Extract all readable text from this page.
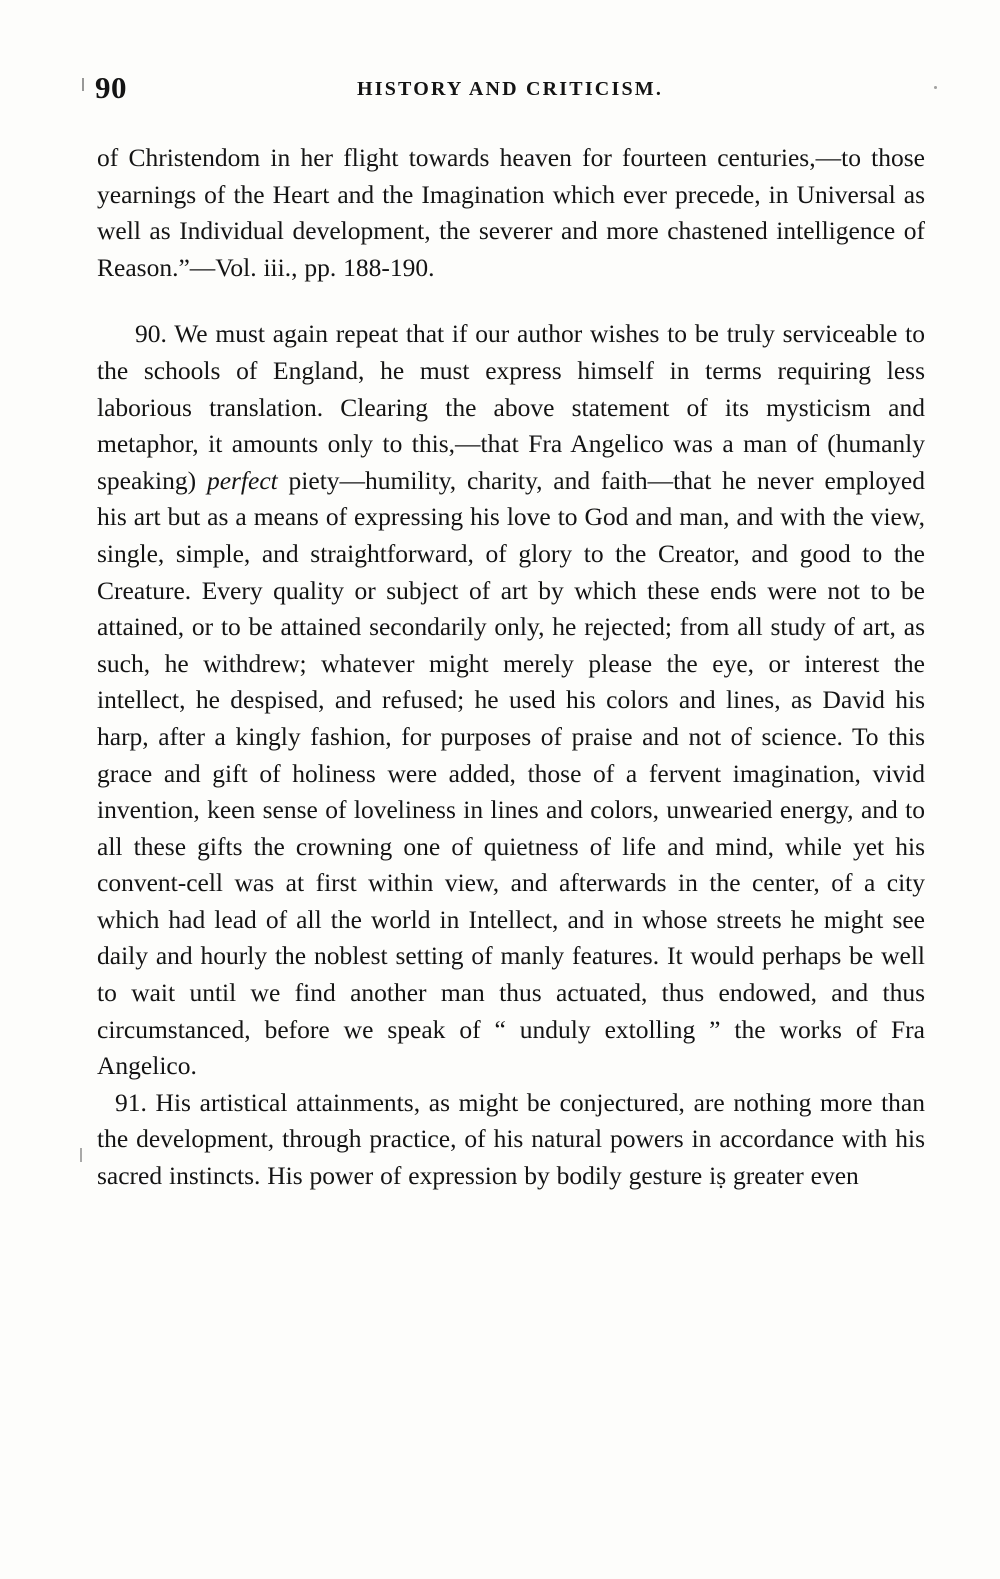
90	HISTORY AND CRITICISM.

of Christendom in her flight towards heaven for fourteen centuries,—to those yearnings of the Heart and the Imagination which ever precede, in Universal as well as Individual development, the severer and more chastened intelligence of Reason.”—Vol. iii., pp. 188-190.

90. We must again repeat that if our author wishes to be truly serviceable to the schools of England, he must express himself in terms requiring less laborious translation. Clearing the above statement of its mysticism and metaphor, it amounts only to this,—that Fra Angelico was a man of (humanly speaking) perfect piety—humility, charity, and faith—that he never employed his art but as a means of expressing his love to God and man, and with the view, single, simple, and straightforward, of glory to the Creator, and good to the Creature. Every quality or subject of art by which these ends were not to be attained, or to be attained secondarily only, he rejected; from all study of art, as such, he withdrew; whatever might merely please the eye, or interest the intellect, he despised, and refused; he used his colors and lines, as David his harp, after a kingly fashion, for purposes of praise and not of science. To this grace and gift of holiness were added, those of a fervent imagination, vivid invention, keen sense of loveliness in lines and colors, unwearied energy, and to all these gifts the crowning one of quietness of life and mind, while yet his convent-cell was at first within view, and afterwards in the center, of a city which had lead of all the world in Intellect, and in whose streets he might see daily and hourly the noblest setting of manly features. It would perhaps be well to wait until we find another man thus actuated, thus endowed, and thus circumstanced, before we speak of “ unduly extolling ” the works of Fra Angelico.

91. His artistical attainments, as might be conjectured, are nothing more than the development, through practice, of his natural powers in accordance with his sacred instincts. His power of expression by bodily gesture iṣ greater even
